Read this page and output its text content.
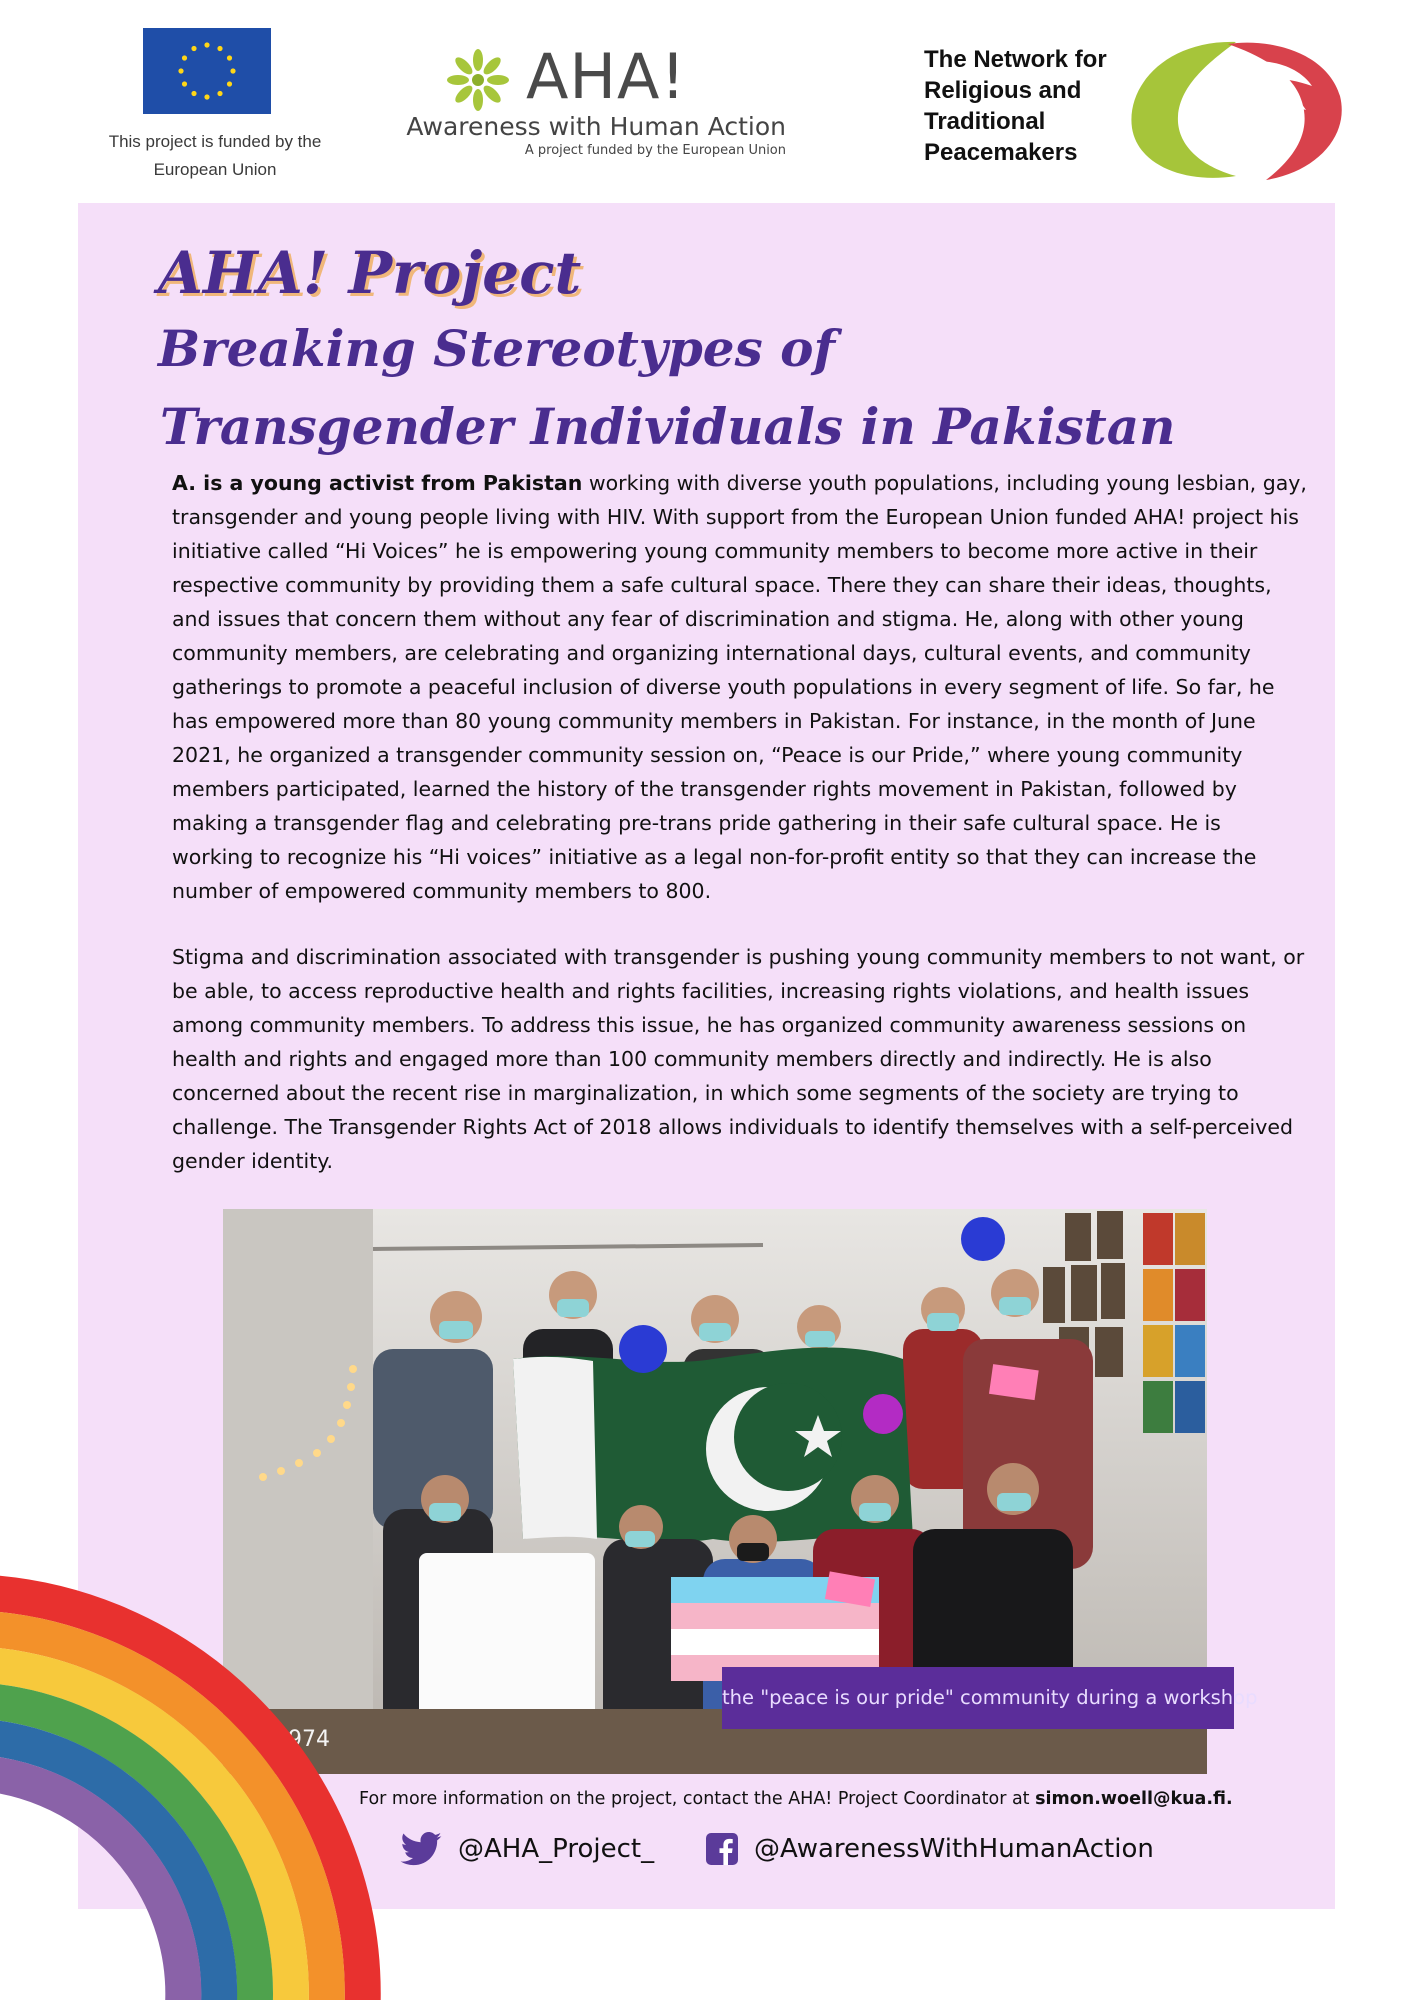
This project is funded by the European Union
AHA!
Awareness with Human Action
A project funded by the European Union
The Network for Religious and Traditional Peacemakers
AHA! Project
Breaking Stereotypes of
Transgender Individuals in Pakistan

A. is a young activist from Pakistan working with diverse youth populations, including young lesbian, gay, transgender and young people living with HIV. With support from the European Union funded AHA! project his initiative called “Hi Voices” he is empowering young community members to become more active in their respective community by providing them a safe cultural space. There they can share their ideas, thoughts, and issues that concern them without any fear of discrimination and stigma. He, along with other young community members, are celebrating and organizing international days, cultural events, and community gatherings to promote a peaceful inclusion of diverse youth populations in every segment of life. So far, he has empowered more than 80 young community members in Pakistan. For instance, in the month of June 2021, he organized a transgender community session on, “Peace is our Pride,” where young community members participated, learned the history of the transgender rights movement in Pakistan, followed by making a transgender flag and celebrating pre-trans pride gathering in their safe cultural space. He is working to recognize his “Hi voices” initiative as a legal non-for-profit entity so that they can increase the number of empowered community members to 800.

Stigma and discrimination associated with transgender is pushing young community members to not want, or be able, to access reproductive health and rights facilities, increasing rights violations, and health issues among community members. To address this issue, he has organized community awareness sessions on health and rights and engaged more than 100 community members directly and indirectly. He is also concerned about the recent rise in marginalization, in which some segments of the society are trying to challenge. The Transgender Rights Act of 2018 allows individuals to identify themselves with a self-perceived gender identity.

974
the "peace is our pride" community during a workshop
For more information on the project, contact the AHA! Project Coordinator at simon.woell@kua.fi.
@AHA_Project_	@AwarenessWithHumanAction
